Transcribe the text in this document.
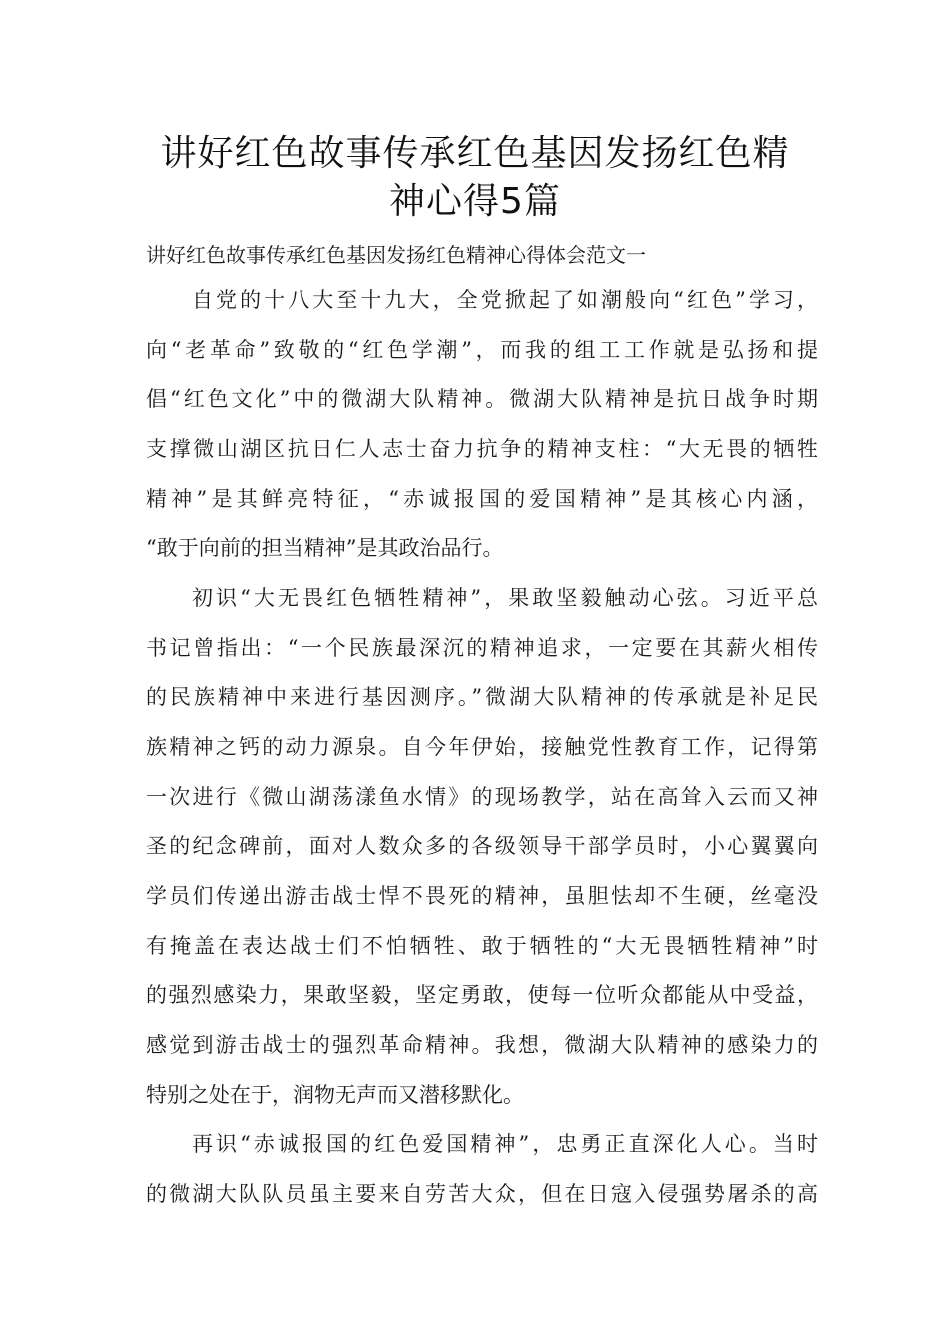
讲好红色故事传承红色基因发扬红色精
神心得5篇
讲好红色故事传承红色基因发扬红色精神心得体会范文一
自党的十八大至十九大，全党掀起了如潮般向“红色”学习，
向“老革命”致敬的“红色学潮”，而我的组工工作就是弘扬和提
倡“红色文化”中的微湖大队精神。微湖大队精神是抗日战争时期
支撑微山湖区抗日仁人志士奋力抗争的精神支柱：“大无畏的牺牲
精神”是其鲜亮特征，“赤诚报国的爱国精神”是其核心内涵，
“敢于向前的担当精神”是其政治品行。
初识“大无畏红色牺牲精神”，果敢坚毅触动心弦。习近平总
书记曾指出：“一个民族最深沉的精神追求，一定要在其薪火相传
的民族精神中来进行基因测序。”微湖大队精神的传承就是补足民
族精神之钙的动力源泉。自今年伊始，接触党性教育工作，记得第
一次进行《微山湖荡漾鱼水情》的现场教学，站在高耸入云而又神
圣的纪念碑前，面对人数众多的各级领导干部学员时，小心翼翼向
学员们传递出游击战士悍不畏死的精神，虽胆怯却不生硬，丝毫没
有掩盖在表达战士们不怕牺牲、敢于牺牲的“大无畏牺牲精神”时
的强烈感染力，果敢坚毅，坚定勇敢，使每一位听众都能从中受益，
感觉到游击战士的强烈革命精神。我想，微湖大队精神的感染力的
特别之处在于，润物无声而又潜移默化。
再识“赤诚报国的红色爱国精神”，忠勇正直深化人心。当时
的微湖大队队员虽主要来自劳苦大众，但在日寇入侵强势屠杀的高
